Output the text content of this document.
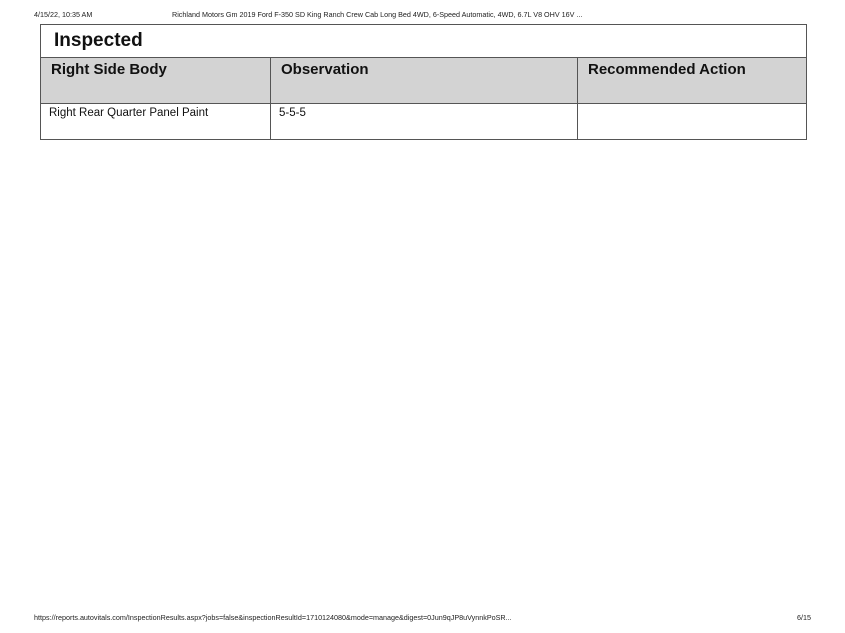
4/15/22, 10:35 AM	Richland Motors Gm 2019 Ford F-350 SD King Ranch Crew Cab Long Bed 4WD, 6-Speed Automatic, 4WD, 6.7L V8 OHV 16V ...
Inspected		
Right Side Body	Observation	Recommended Action
Right Rear Quarter Panel Paint	5-5-5	
https://reports.autovitals.com/InspectionResults.aspx?jobs=false&inspectionResultId=1710124080&mode=manage&digest=0Jun9qJP8uVynnkPoSR...	6/15
